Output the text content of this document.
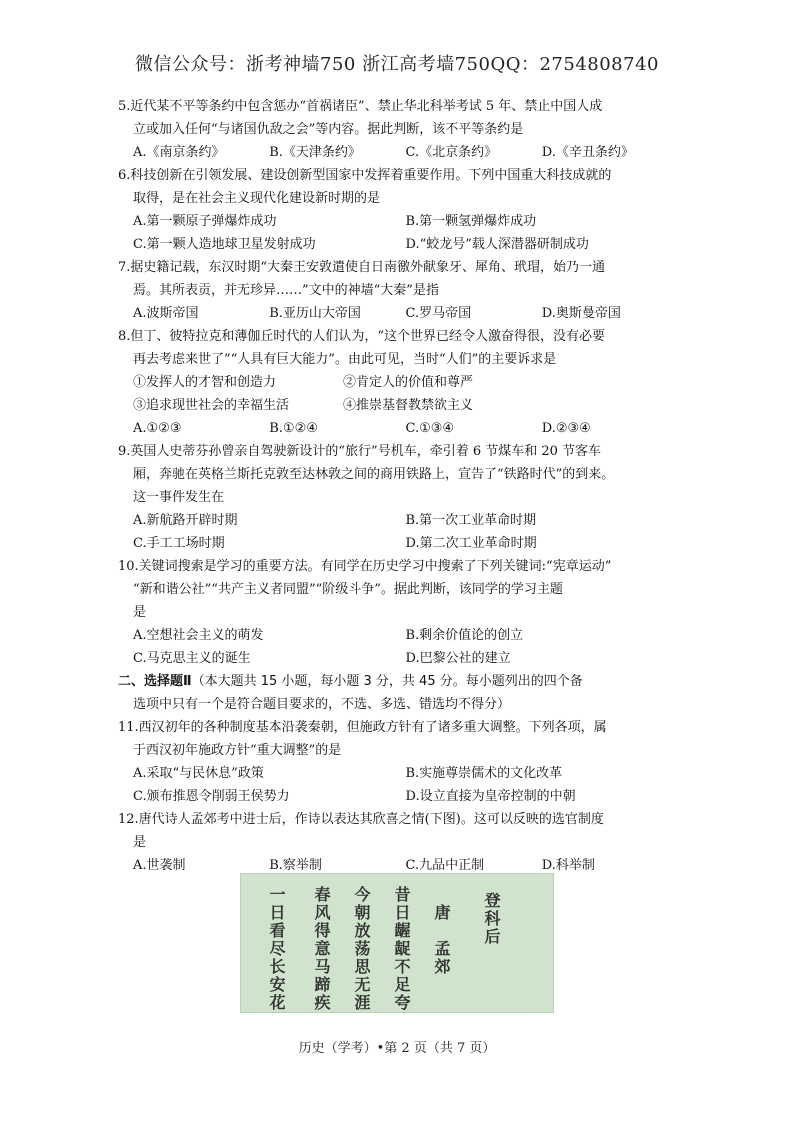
微信公众号：浙考神墙750 浙江高考墙750QQ：2754808740
5.近代某不平等条约中包含惩办“首祸诸臣”、禁止华北科举考试 5 年、禁止中国人成
立或加入任何“与诸国仇敌之会”等内容。据此判断，该不平等条约是
A.《南京条约》	B.《天津条约》	C.《北京条约》	D.《辛丑条约》
6.科技创新在引领发展、建设创新型国家中发挥着重要作用。下列中国重大科技成就的
取得，是在社会主义现代化建设新时期的是
A.第一颗原子弹爆炸成功	B.第一颗氢弹爆炸成功
C.第一颗人造地球卫星发射成功	D.“蛟龙号”载人深潜器研制成功
7.据史籍记载，东汉时期“大秦王安敦遣使自日南徼外献象牙、犀角、玳瑁，始乃一通
焉。其所表贡，并无珍异……”文中的神墙“大秦”是指
A.波斯帝国	B.亚历山大帝国	C.罗马帝国	D.奥斯曼帝国
8.但丁、彼特拉克和薄伽丘时代的人们认为，“这个世界已经令人激奋得很，没有必要
再去考虑来世了”“人具有巨大能力”。由此可见，当时“人们”的主要诉求是
①发挥人的才智和创造力	②肯定人的价值和尊严
③追求现世社会的幸福生活	④推崇基督教禁欲主义
A.①②③	B.①②④	C.①③④	D.②③④
9.英国人史蒂芬孙曾亲自驾驶新设计的“旅行”号机车，牵引着 6 节煤车和 20 节客车
厢，奔驰在英格兰斯托克敦至达林敦之间的商用铁路上，宣告了“铁路时代”的到来。
这一事件发生在
A.新航路开辟时期	B.第一次工业革命时期
C.手工工场时期	D.第二次工业革命时期
10.关键词搜索是学习的重要方法。有同学在历史学习中搜索了下列关键词:“宪章运动”
“新和谐公社”“共产主义者同盟”“阶级斗争”。据此判断，该同学的学习主题
是
A.空想社会主义的萌发	B.剩余价值论的创立
C.马克思主义的诞生	D.巴黎公社的建立
二、选择题Ⅱ（本大题共 15 小题，每小题 3 分，共 45 分。每小题列出的四个备
选项中只有一个是符合题目要求的，不选、多选、错选均不得分）
11.西汉初年的各种制度基本沿袭秦朝，但施政方针有了诸多重大调整。下列各项，属
于西汉初年施政方针“重大调整”的是
A.采取“与民休息”政策	B.实施尊崇儒术的文化改革
C.颁布推恩令削弱王侯势力	D.设立直接为皇帝控制的中朝
12.唐代诗人孟郊考中进士后，作诗以表达其欣喜之情(下图)。这可以反映的选官制度
是
A.世袭制	B.察举制	C.九品中正制	D.科举制
登科后
唐　孟郊
昔日龌龊不足夸
今朝放荡思无涯
春风得意马蹄疾
一日看尽长安花
历史（学考）•第 2 页（共 7 页）
